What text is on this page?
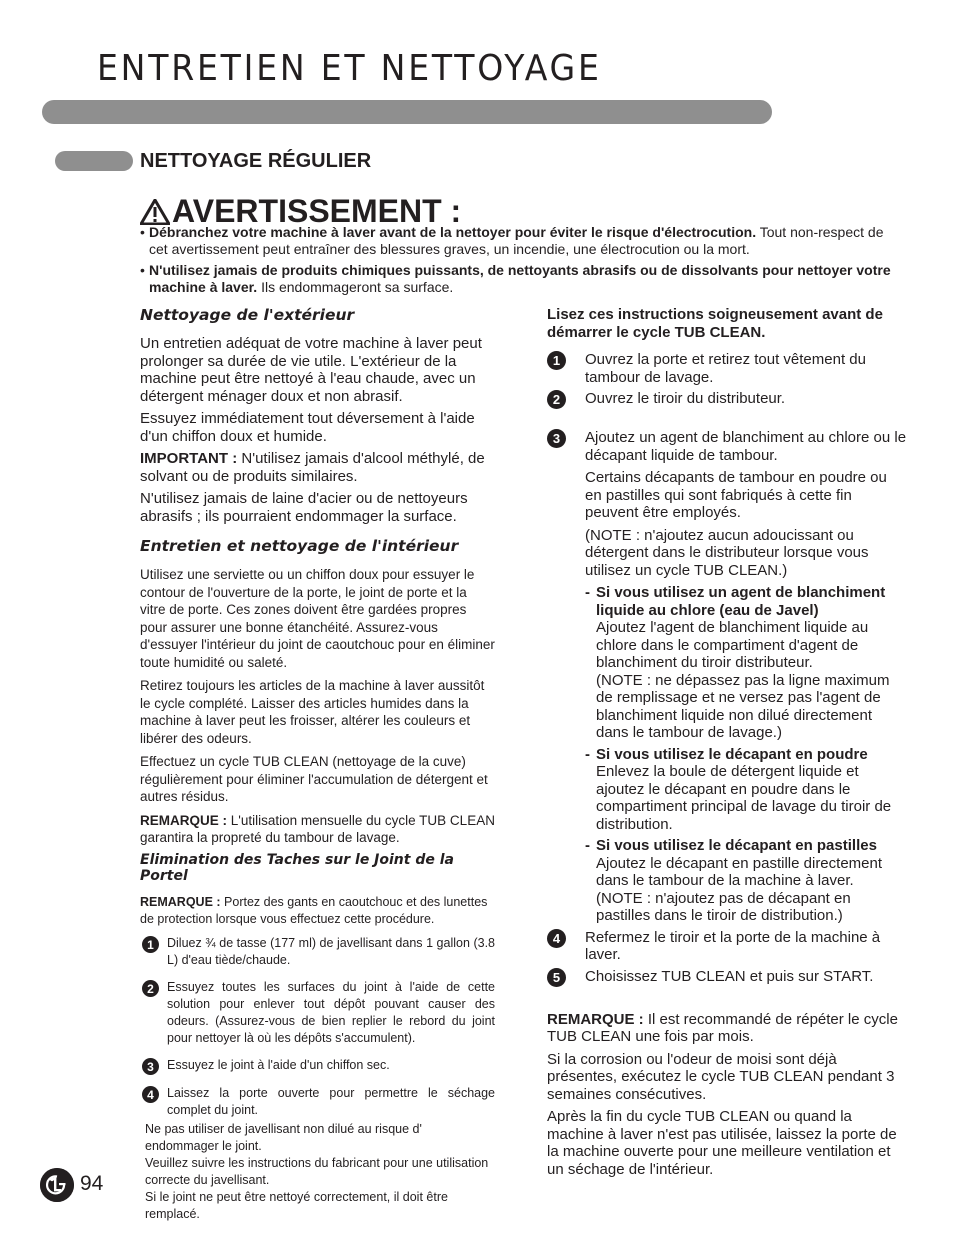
ENTRETIEN ET NETTOYAGE
NETTOYAGE RÉGULIER
AVERTISSEMENT :
• Débranchez votre machine à laver avant de la nettoyer pour éviter le risque d'électrocution. Tout non-respect de cet avertissement peut entraîner des blessures graves, un incendie, une électrocution ou la mort.
• N'utilisez jamais de produits chimiques puissants, de nettoyants abrasifs ou de dissolvants pour nettoyer votre machine à laver. Ils endommageront sa surface.
Nettoyage de l'extérieur

Un entretien adéquat de votre machine à laver peut prolonger sa durée de vie utile. L'extérieur de la machine peut être nettoyé à l'eau chaude, avec un détergent ménager doux et non abrasif.

Essuyez immédiatement tout déversement à l'aide d'un chiffon doux et humide.

IMPORTANT : N'utilisez jamais d'alcool méthylé, de solvant ou de produits similaires.

N'utilisez jamais de laine d'acier ou de nettoyeurs abrasifs ; ils pourraient endommager la surface.

Entretien et nettoyage de l'intérieur

Utilisez une serviette ou un chiffon doux pour essuyer le contour de l'ouverture de la porte, le joint de porte et la vitre de porte. Ces zones doivent être gardées propres pour assurer une bonne étanchéité. Assurez-vous d'essuyer l'intérieur du joint de caoutchouc pour en éliminer toute humidité ou saleté.

Retirez toujours les articles de la machine à laver aussitôt le cycle complété. Laisser des articles humides dans la machine à laver peut les froisser, altérer les couleurs et libérer des odeurs.

Effectuez un cycle TUB CLEAN (nettoyage de la cuve) régulièrement pour éliminer l'accumulation de détergent et autres résidus.

REMARQUE : L'utilisation mensuelle du cycle TUB CLEAN garantira la propreté du tambour de lavage.

Elimination des Taches sur le Joint de la Portel
REMARQUE : Portez des gants en caoutchouc et des lunettes de protection lorsque vous effectuez cette procédure.
1	Diluez ¾ de tasse (177 ml) de javellisant dans 1 gallon (3.8 L) d'eau tiède/chaude.
2	Essuyez toutes les surfaces du joint à l'aide de cette solution pour enlever tout dépôt pouvant causer des odeurs. (Assurez-vous de bien replier le rebord du joint pour nettoyer là où les dépôts s'accumulent).
3	Essuyez le joint à l'aide d'un chiffon sec.
4	Laissez la porte ouverte pour permettre le séchage complet du joint.
Ne pas utiliser de javellisant non dilué au risque d' endommager le joint.
Veuillez suivre les instructions du fabricant pour une utilisation correcte du javellisant.
Si le joint ne peut être nettoyé correctement, il doit être remplacé.
Lisez ces instructions soigneusement avant de démarrer le cycle TUB CLEAN.
1	Ouvrez la porte et retirez tout vêtement du tambour de lavage.
2	Ouvrez le tiroir du distributeur.
3	Ajoutez un agent de blanchiment au chlore ou le décapant liquide de tambour.

Certains décapants de tambour en poudre ou en pastilles qui sont fabriqués à cette fin peuvent être employés.

(NOTE : n'ajoutez aucun adoucissant ou détergent dans le distributeur lorsque vous utilisez un cycle TUB CLEAN.)

- Si vous utilisez un agent de blanchiment liquide au chlore (eau de Javel)
Ajoutez l'agent de blanchiment liquide au chlore dans le compartiment d'agent de blanchiment du tiroir distributeur.
(NOTE : ne dépassez pas la ligne maximum de remplissage et ne versez pas l'agent de blanchiment liquide non dilué directement dans le tambour de lavage.)
- Si vous utilisez le décapant en poudre
Enlevez la boule de détergent liquide et ajoutez le décapant en poudre dans le compartiment principal de lavage du tiroir de distribution.
- Si vous utilisez le décapant en pastilles
Ajoutez le décapant en pastille directement dans le tambour de la machine à laver.
(NOTE : n'ajoutez pas de décapant en pastilles dans le tiroir de distribution.)
4	Refermez le tiroir et la porte de la machine à laver.
5	Choisissez TUB CLEAN et puis sur START.

REMARQUE : Il est recommandé de répéter le cycle TUB CLEAN une fois par mois.

Si la corrosion ou l'odeur de moisi sont déjà présentes, exécutez le cycle TUB CLEAN pendant 3 semaines consécutives.

Après la fin du cycle TUB CLEAN ou quand la machine à laver n'est pas utilisée, laissez la porte de la machine ouverte pour une meilleure ventilation et un séchage de l'intérieur.

94
